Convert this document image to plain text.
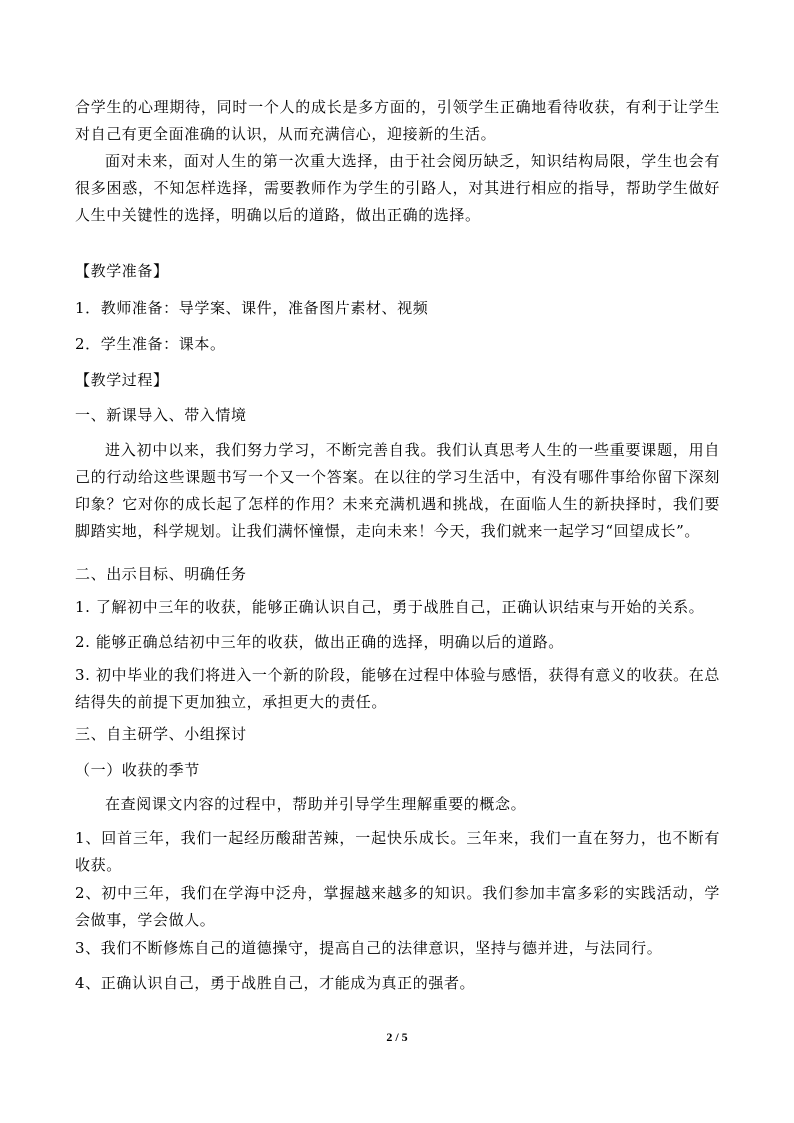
合学生的心理期待，同时一个人的成长是多方面的，引领学生正确地看待收获，有利于让学生对自己有更全面准确的认识，从而充满信心，迎接新的生活。
面对未来，面对人生的第一次重大选择，由于社会阅历缺乏，知识结构局限，学生也会有很多困惑，不知怎样选择，需要教师作为学生的引路人，对其进行相应的指导，帮助学生做好人生中关键性的选择，明确以后的道路，做出正确的选择。
【教学准备】
1．教师准备：导学案、课件，准备图片素材、视频
2．学生准备：课本。
【教学过程】
一、新课导入、带入情境
进入初中以来，我们努力学习，不断完善自我。我们认真思考人生的一些重要课题，用自己的行动给这些课题书写一个又一个答案。在以往的学习生活中，有没有哪件事给你留下深刻印象？它对你的成长起了怎样的作用？未来充满机遇和挑战，在面临人生的新抉择时，我们要脚踏实地，科学规划。让我们满怀憧憬，走向未来！今天，我们就来一起学习“回望成长”。
二、出示目标、明确任务
1. 了解初中三年的收获，能够正确认识自己，勇于战胜自己，正确认识结束与开始的关系。
2. 能够正确总结初中三年的收获，做出正确的选择，明确以后的道路。
3. 初中毕业的我们将进入一个新的阶段，能够在过程中体验与感悟，获得有意义的收获。在总结得失的前提下更加独立，承担更大的责任。
三、自主研学、小组探讨
（一）收获的季节
在查阅课文内容的过程中，帮助并引导学生理解重要的概念。
1、回首三年，我们一起经历酸甜苦辣，一起快乐成长。三年来，我们一直在努力，也不断有收获。
2、初中三年，我们在学海中泛舟，掌握越来越多的知识。我们参加丰富多彩的实践活动，学会做事，学会做人。
3、我们不断修炼自己的道德操守，提高自己的法律意识，坚持与德并进，与法同行。
4、正确认识自己，勇于战胜自己，才能成为真正的强者。
2 / 5
